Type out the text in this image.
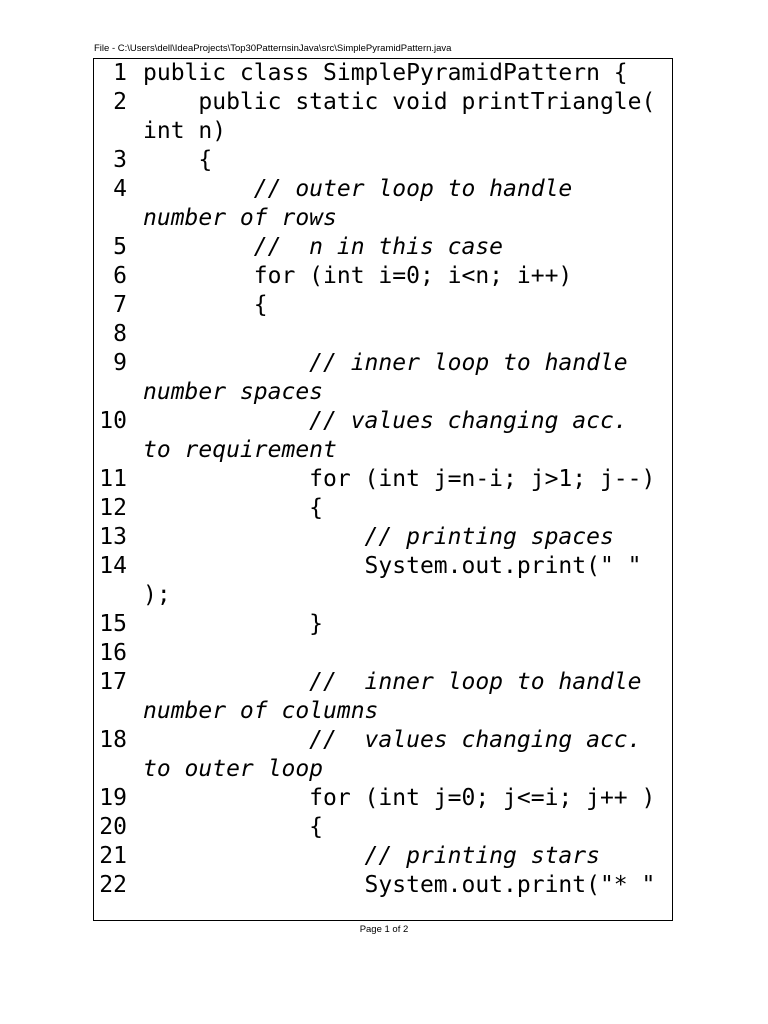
File - C:\Users\dell\IdeaProjects\Top30PatternsinJava\src\SimplePyramidPattern.java
1 public class SimplePyramidPattern {
2 public static void printTriangle(
int n)
3 {
4 // outer loop to handle
number of rows
5 //  n in this case
6 for (int i=0; i<n; i++)
7 {
8
9 // inner loop to handle
number spaces
10 // values changing acc.
to requirement
11 for (int j=n-i; j>1; j--)
12 {
13 // printing spaces
14 System.out.print(" "
);
15 }
16
17 //  inner loop to handle
number of columns
18 //  values changing acc.
to outer loop
19 for (int j=0; j<=i; j++ )
20 {
21 // printing stars
22 System.out.print("* "
Page 1 of 2
